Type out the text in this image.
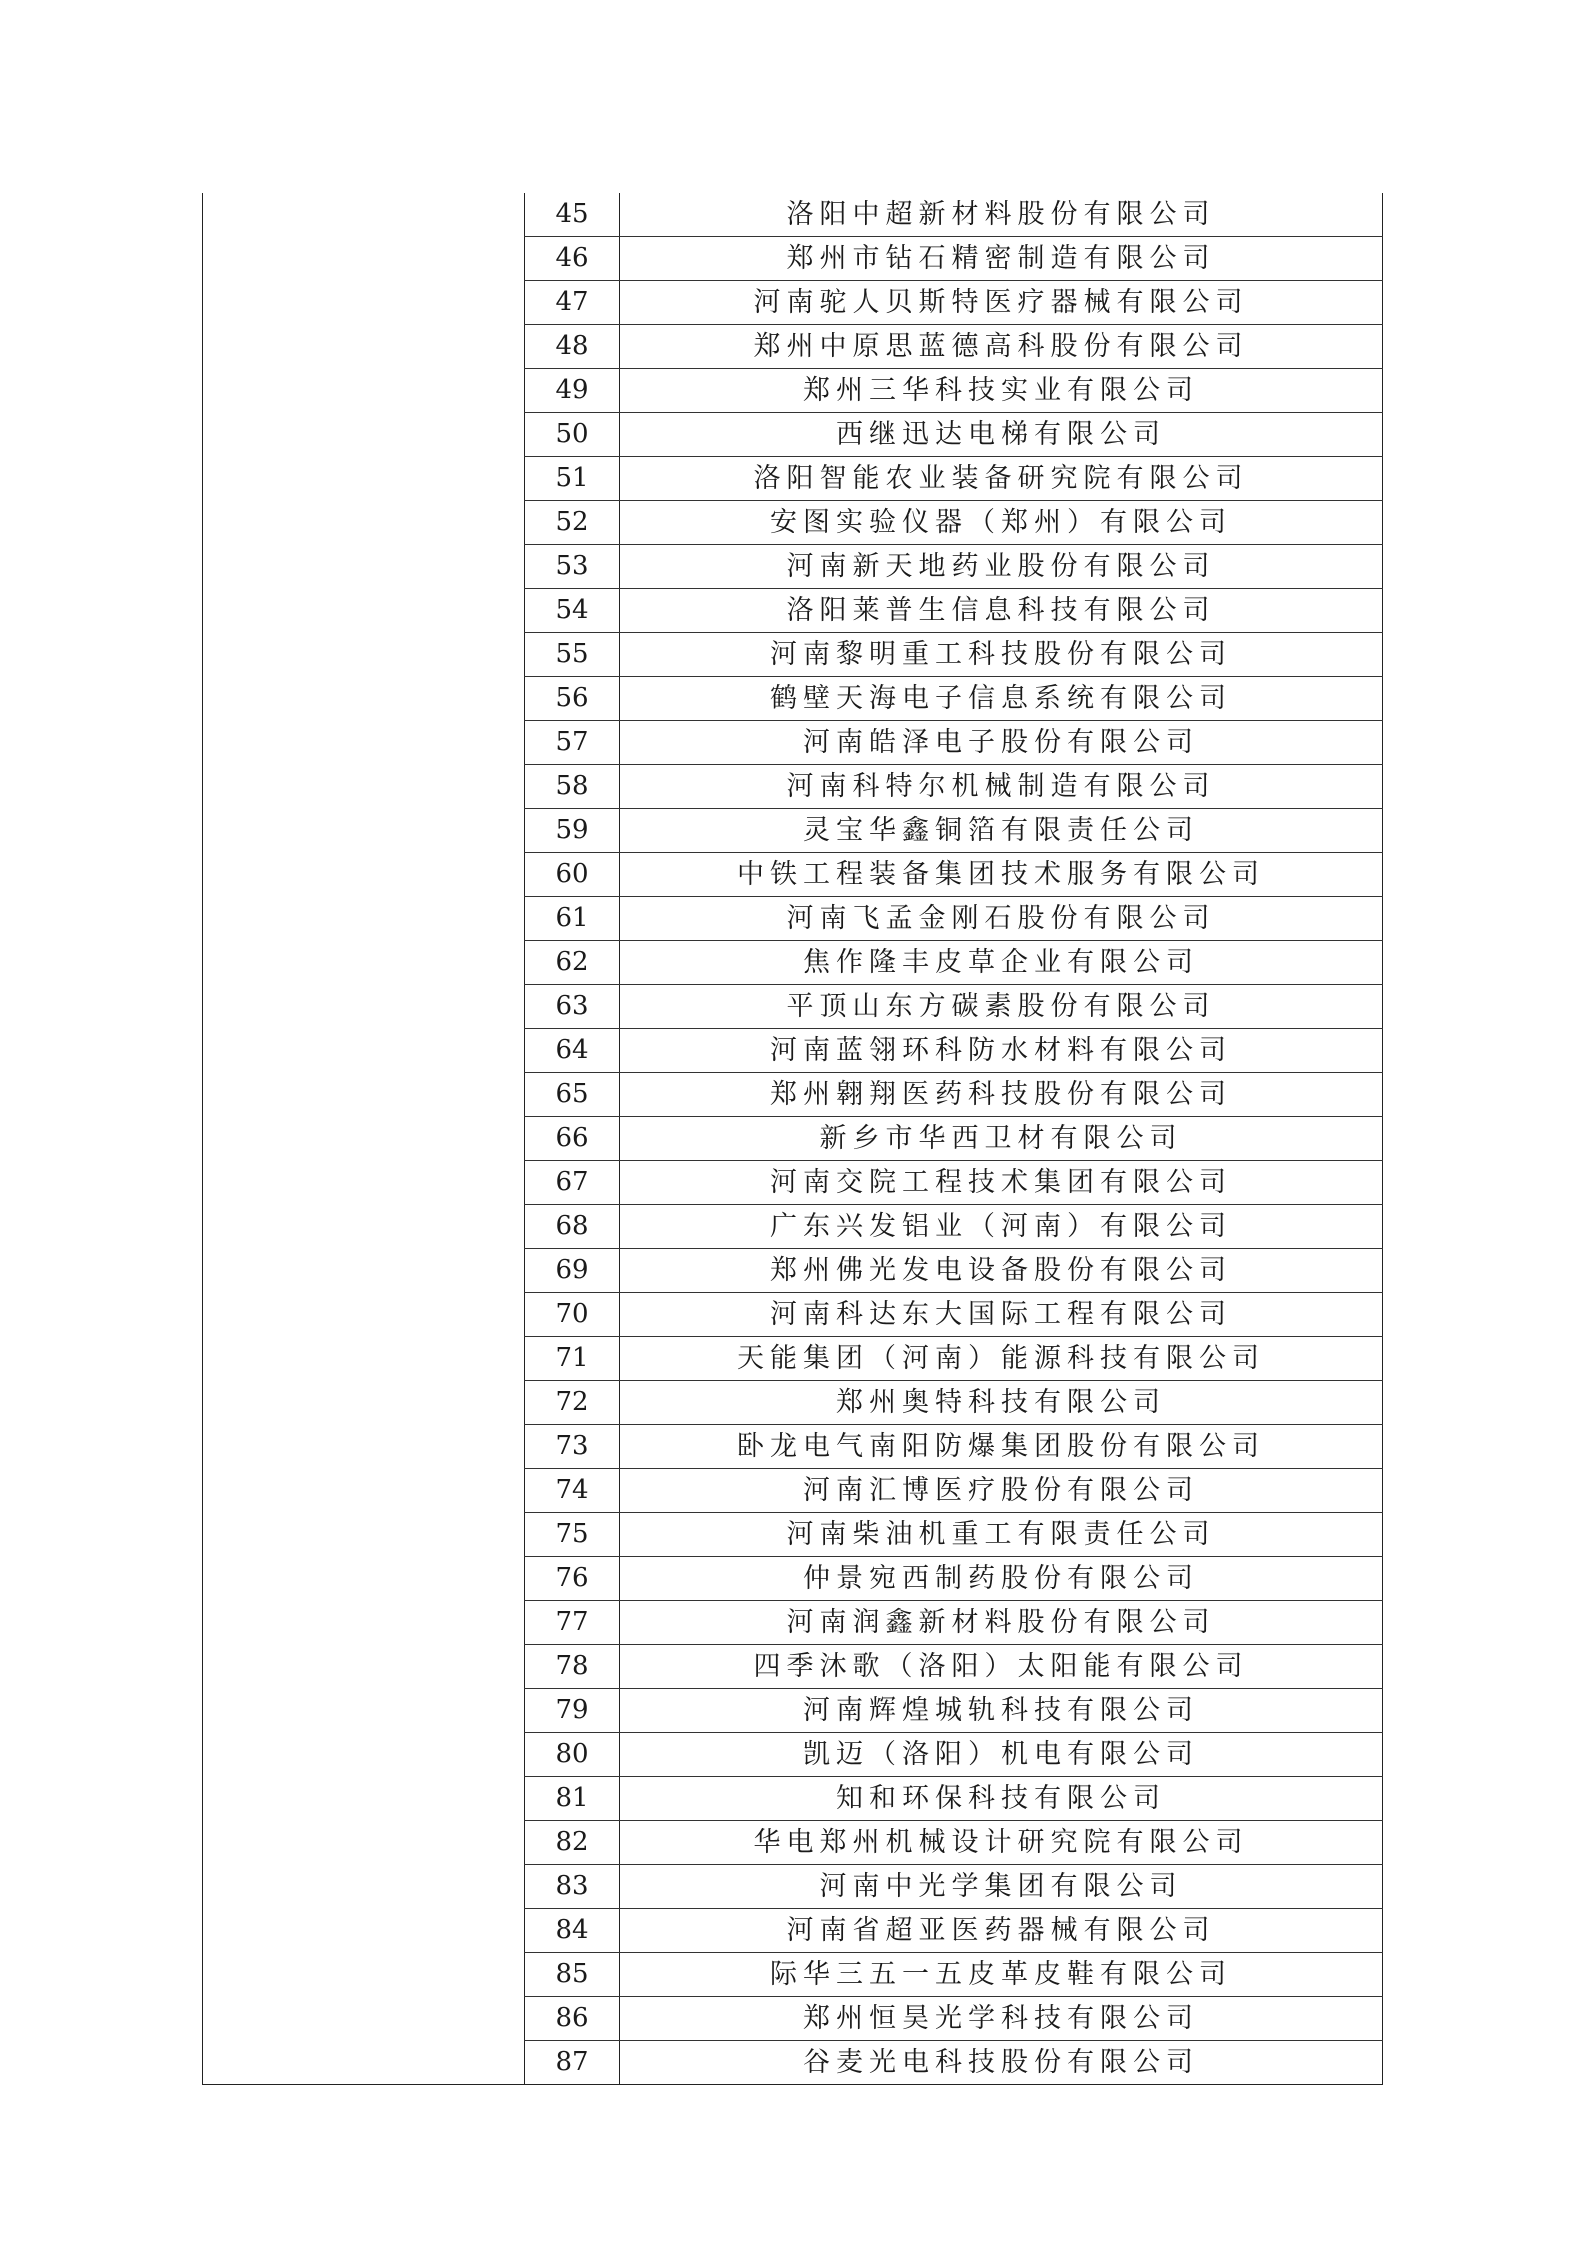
	45	洛阳中超新材料股份有限公司
	46	郑州市钻石精密制造有限公司
	47	河南驼人贝斯特医疗器械有限公司
	48	郑州中原思蓝德高科股份有限公司
	49	郑州三华科技实业有限公司
	50	西继迅达电梯有限公司
	51	洛阳智能农业装备研究院有限公司
	52	安图实验仪器（郑州）有限公司
	53	河南新天地药业股份有限公司
	54	洛阳莱普生信息科技有限公司
	55	河南黎明重工科技股份有限公司
	56	鹤壁天海电子信息系统有限公司
	57	河南皓泽电子股份有限公司
	58	河南科特尔机械制造有限公司
	59	灵宝华鑫铜箔有限责任公司
	60	中铁工程装备集团技术服务有限公司
	61	河南飞孟金刚石股份有限公司
	62	焦作隆丰皮草企业有限公司
	63	平顶山东方碳素股份有限公司
	64	河南蓝翎环科防水材料有限公司
	65	郑州翱翔医药科技股份有限公司
	66	新乡市华西卫材有限公司
	67	河南交院工程技术集团有限公司
	68	广东兴发铝业（河南）有限公司
	69	郑州佛光发电设备股份有限公司
	70	河南科达东大国际工程有限公司
	71	天能集团（河南）能源科技有限公司
	72	郑州奥特科技有限公司
	73	卧龙电气南阳防爆集团股份有限公司
	74	河南汇博医疗股份有限公司
	75	河南柴油机重工有限责任公司
	76	仲景宛西制药股份有限公司
	77	河南润鑫新材料股份有限公司
	78	四季沐歌（洛阳）太阳能有限公司
	79	河南辉煌城轨科技有限公司
	80	凯迈（洛阳）机电有限公司
	81	知和环保科技有限公司
	82	华电郑州机械设计研究院有限公司
	83	河南中光学集团有限公司
	84	河南省超亚医药器械有限公司
	85	际华三五一五皮革皮鞋有限公司
	86	郑州恒昊光学科技有限公司
	87	谷麦光电科技股份有限公司
